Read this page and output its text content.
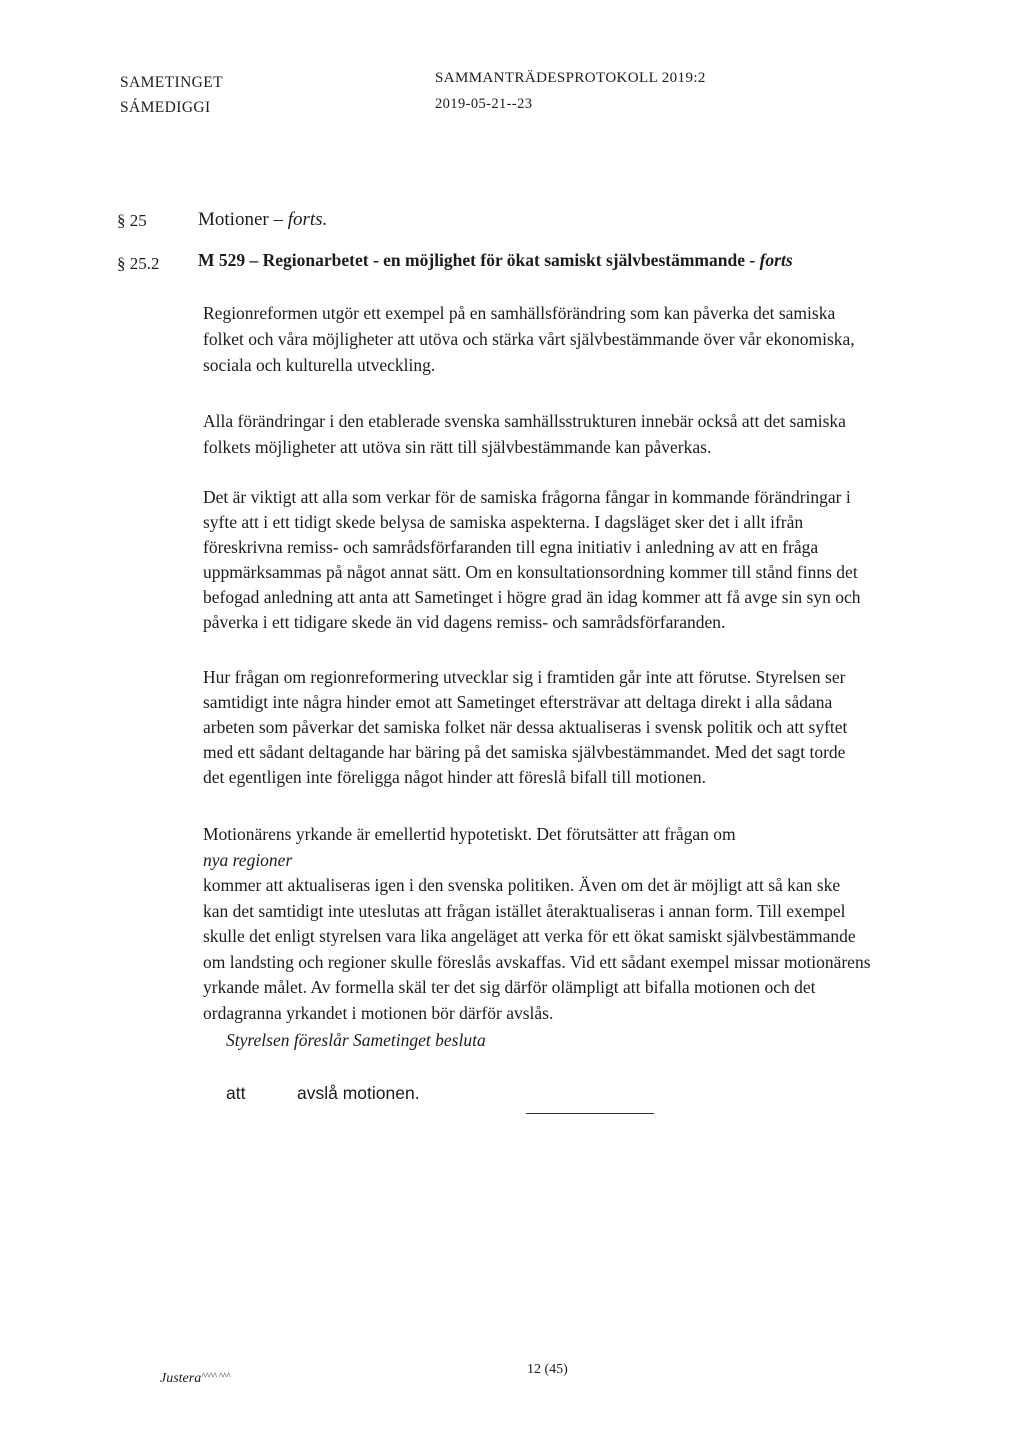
SAMETINGET
SÁMEDIGGI
SAMMANTRÄDESPROTOKOLL 2019:2
2019-05-21--23
§ 25	Motioner – forts.
§ 25.2 M 529 – Regionarbetet - en möjlighet för ökat samiskt självbestämmande - forts
Regionreformen utgör ett exempel på en samhällsförändring som kan påverka det samiska
folket och våra möjligheter att utöva och stärka vårt självbestämmande över vår ekonomiska,
sociala och kulturella utveckling.
Alla förändringar i den etablerade svenska samhällsstrukturen innebär också att det samiska
folkets möjligheter att utöva sin rätt till självbestämmande kan påverkas.
Det är viktigt att alla som verkar för de samiska frågorna fångar in kommande förändringar i
syfte att i ett tidigt skede belysa de samiska aspekterna. I dagsläget sker det i allt ifrån
föreskrivna remiss- och samrådsförfaranden till egna initiativ i anledning av att en fråga
uppmärksammas på något annat sätt. Om en konsultationsordning kommer till stånd finns det
befogad anledning att anta att Sametinget i högre grad än idag kommer att få avge sin syn och
påverka i ett tidigare skede än vid dagens remiss- och samrådsförfaranden.
Hur frågan om regionreformering utvecklar sig i framtiden går inte att förutse. Styrelsen ser
samtidigt inte några hinder emot att Sametinget eftersträvar att deltaga direkt i alla sådana
arbeten som påverkar det samiska folket när dessa aktualiseras i svensk politik och att syftet
med ett sådant deltagande har bäring på det samiska självbestämmandet. Med det sagt torde
det egentligen inte föreligga något hinder att föreslå bifall till motionen.
Motionärens yrkande är emellertid hypotetiskt. Det förutsätter att frågan om
nya regioner
kommer att aktualiseras igen i den svenska politiken. Även om det är möjligt att så kan ske
kan det samtidigt inte uteslutas att frågan istället återaktualiseras i annan form. Till exempel
skulle det enligt styrelsen vara lika angeläget att verka för ett ökat samiskt självbestämmande
om landsting och regioner skulle föreslås avskaffas. Vid ett sådant exempel missar motionärens
yrkande målet. Av formella skäl ter det sig därför olämpligt att bifalla motionen och det
ordagranna yrkandet i motionen bör därför avslås.
Styrelsen föreslår Sametinget besluta
att	avslå motionen.
Justera^^^^ ^^^	12 (45)
